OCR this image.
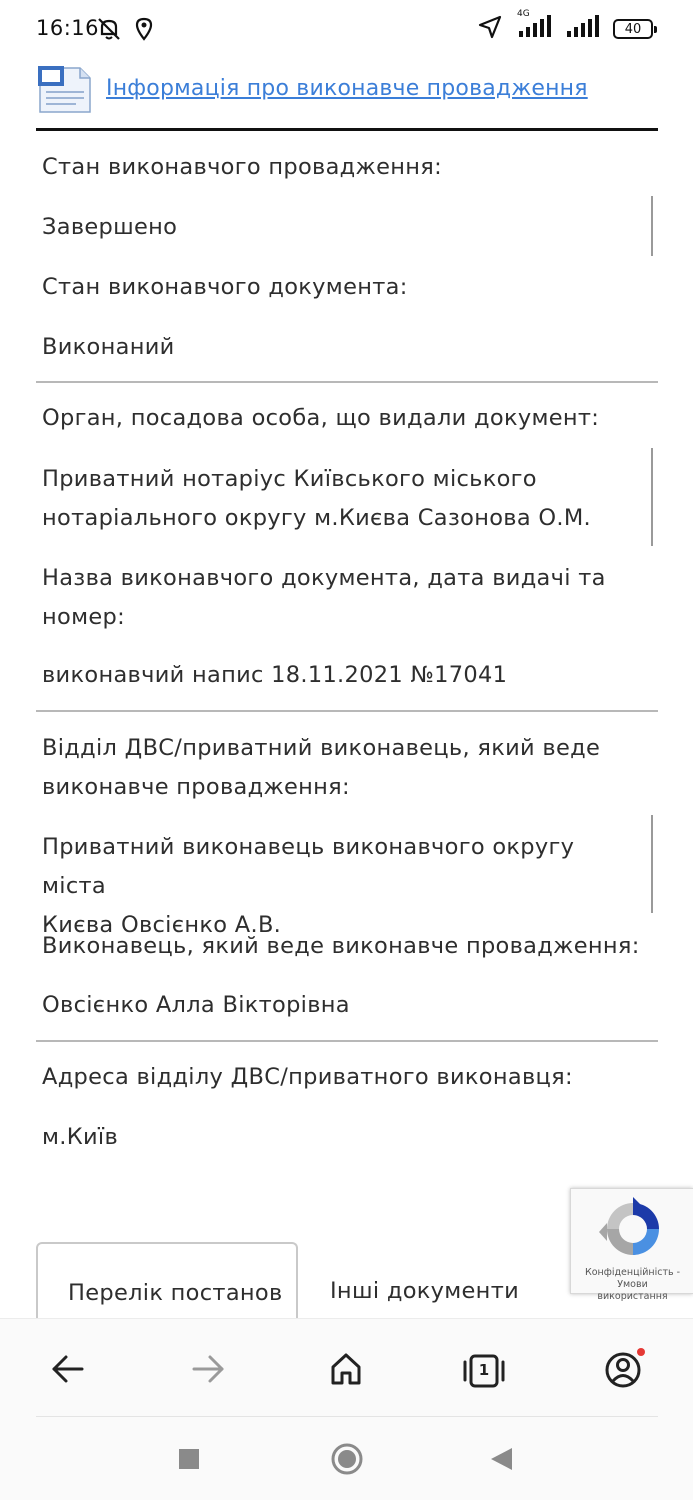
16:16
4G
40
Інформація про виконавче провадження
Стан виконавчого провадження:
Завершено
Стан виконавчого документа:
Виконаний
Орган, посадова особа, що видали документ:
Приватний нотаріус Київського міського
нотаріального округу м.Києва Сазонова О.М.
Назва виконавчого документа, дата видачі та
номер:
виконавчий напис 18.11.2021 №17041
Відділ ДВС/приватний виконавець, який веде
виконавче провадження:
Приватний виконавець виконавчого округу міста
Києва Овсієнко А.В.
Виконавець, який веде виконавче провадження:
Овсієнко Алла Вікторівна
Адреса відділу ДВС/приватного виконавця:
м.Київ
Конфіденційність - Умови
використання
Перелік постанов Інші документи
1
